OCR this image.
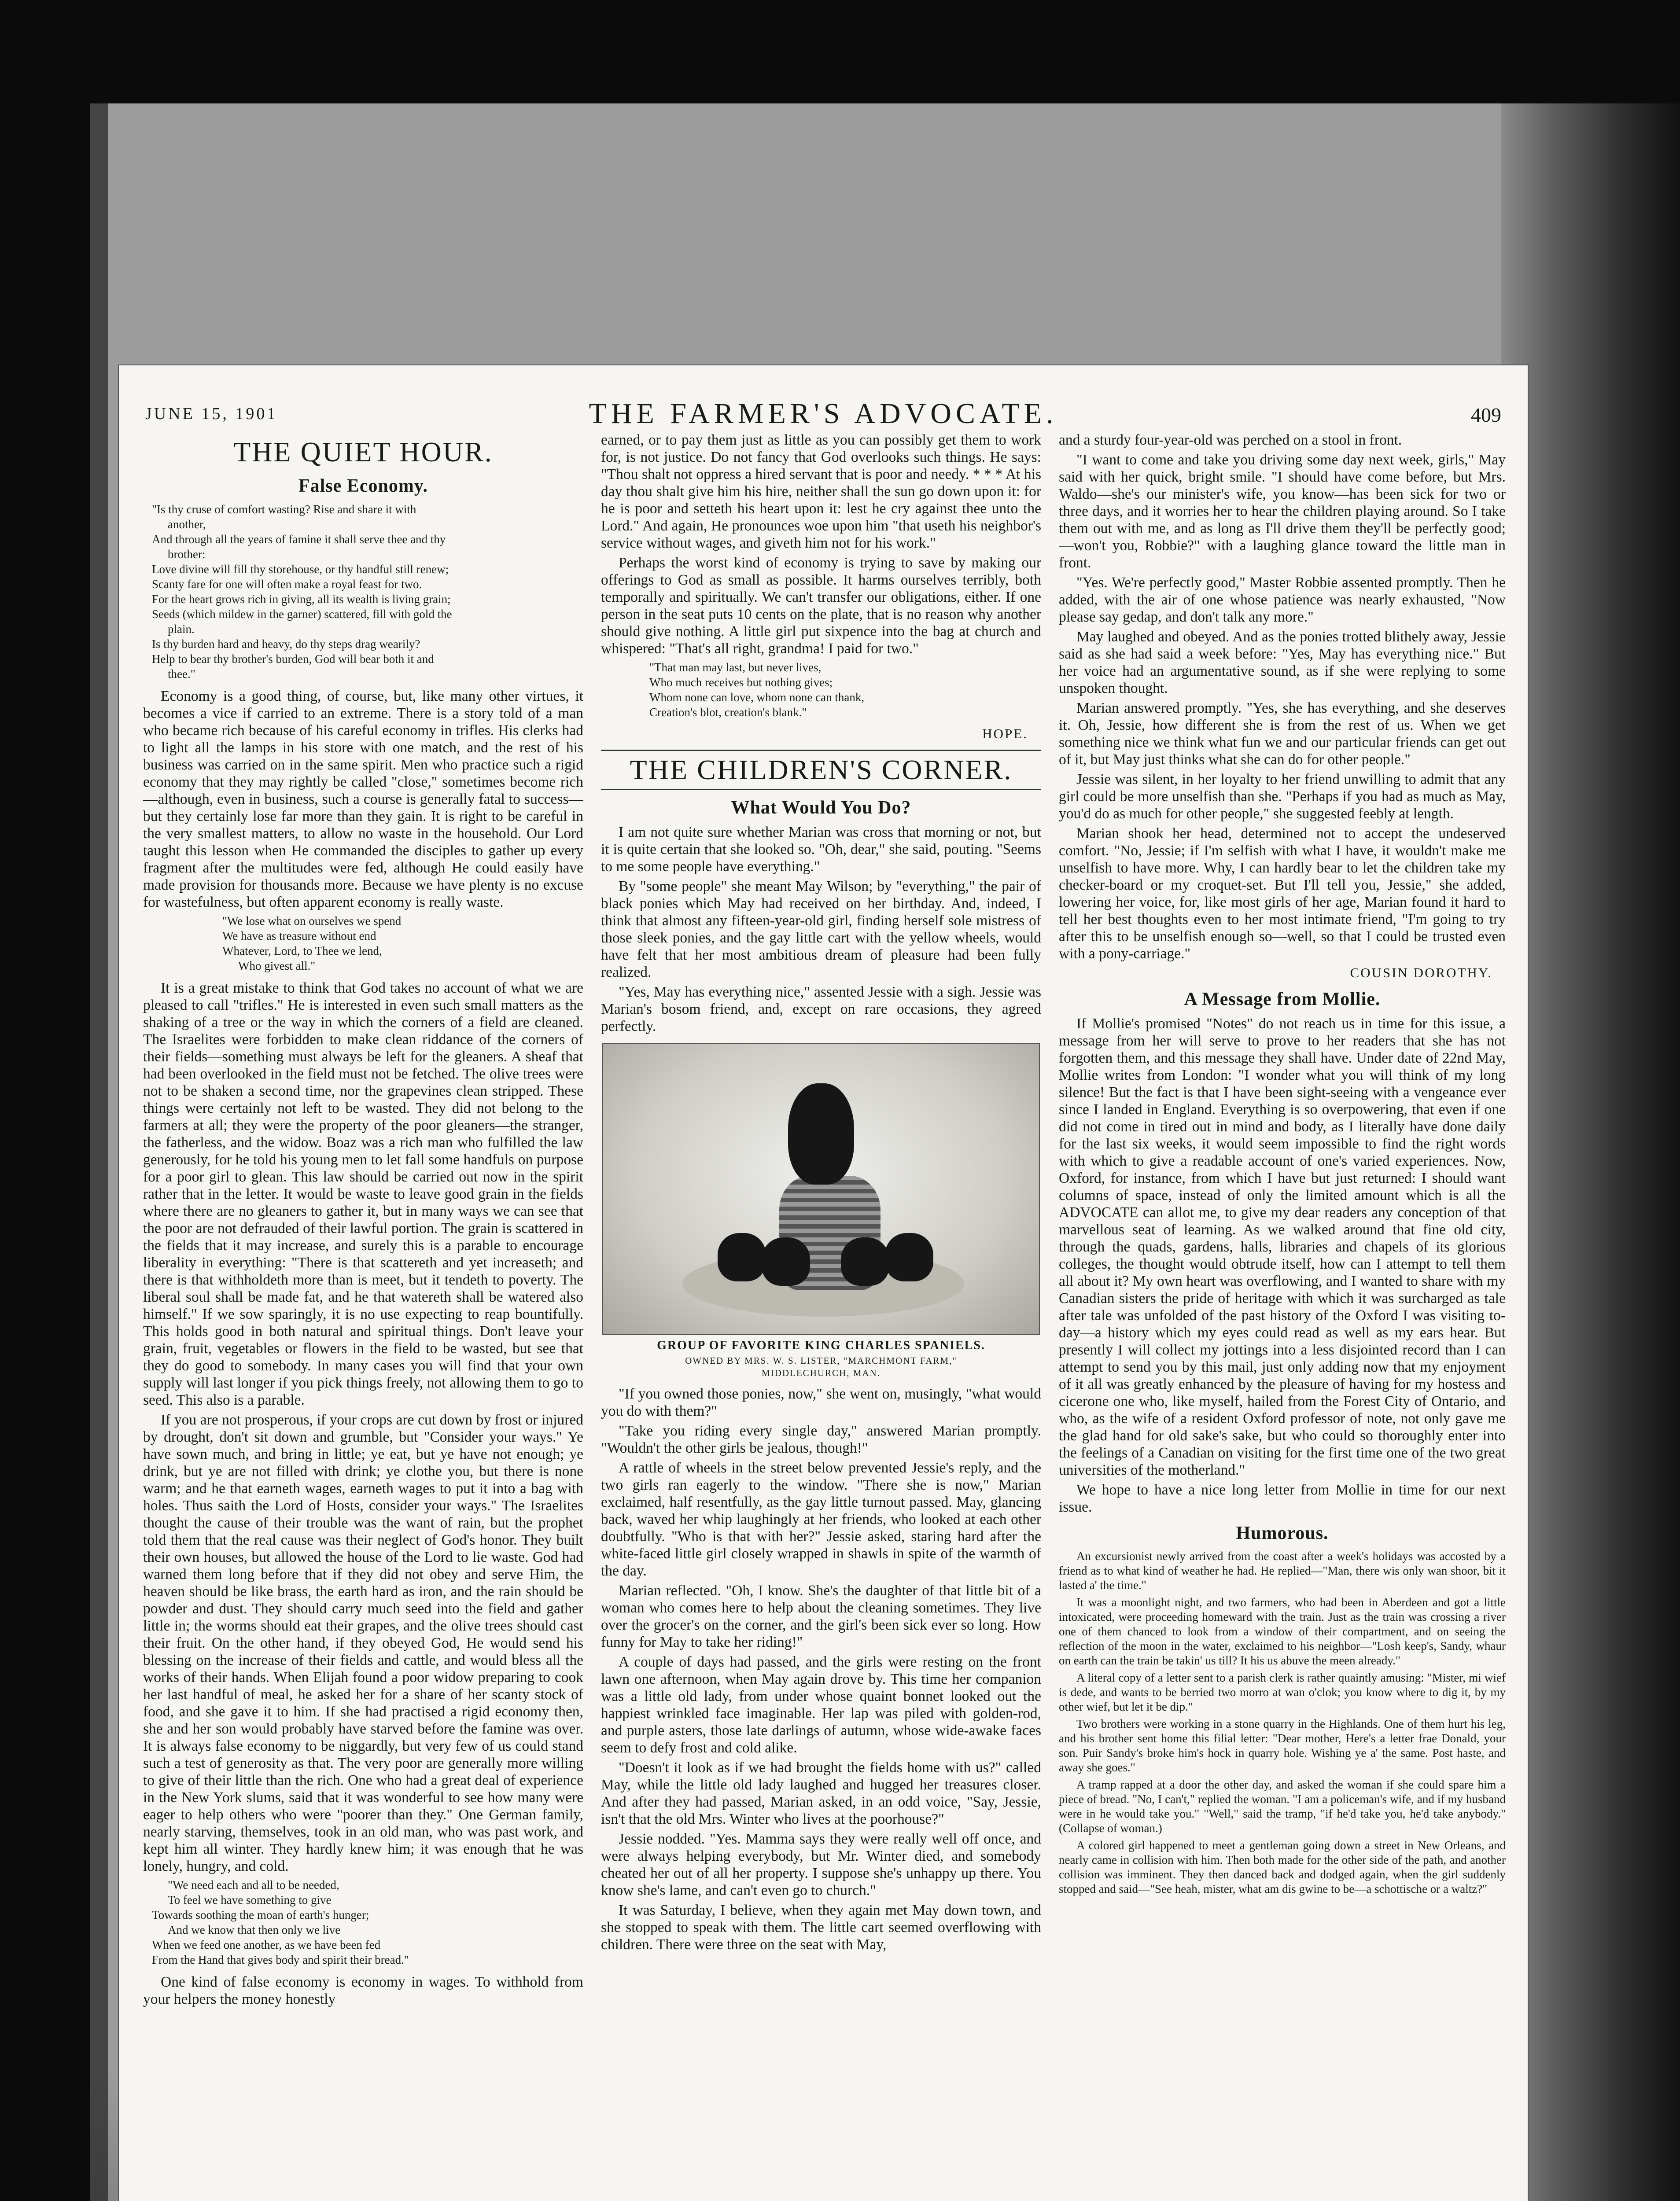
JUNE 15, 1901	THE FARMER'S ADVOCATE.	409
THE QUIET HOUR.
False Economy.
"Is thy cruse of comfort wasting? Rise and share it with
another,
And through all the years of famine it shall serve thee and thy
brother:
Love divine will fill thy storehouse, or thy handful still renew;
Scanty fare for one will often make a royal feast for two.
For the heart grows rich in giving, all its wealth is living grain;
Seeds (which mildew in the garner) scattered, fill with gold the
plain.
Is thy burden hard and heavy, do thy steps drag wearily?
Help to bear thy brother's burden, God will bear both it and
thee."

Economy is a good thing, of course, but, like many other virtues, it becomes a vice if carried to an extreme. There is a story told of a man who became rich because of his careful economy in trifles. His clerks had to light all the lamps in his store with one match, and the rest of his business was carried on in the same spirit. Men who practice such a rigid economy that they may rightly be called "close," sometimes become rich—although, even in business, such a course is generally fatal to success—but they certainly lose far more than they gain. It is right to be careful in the very smallest matters, to allow no waste in the household. Our Lord taught this lesson when He commanded the disciples to gather up every fragment after the multitudes were fed, although He could easily have made provision for thousands more. Because we have plenty is no excuse for wastefulness, but often apparent economy is really waste.

"We lose what on ourselves we spend
We have as treasure without end
Whatever, Lord, to Thee we lend,
Who givest all."

It is a great mistake to think that God takes no account of what we are pleased to call "trifles." He is interested in even such small matters as the shaking of a tree or the way in which the corners of a field are cleaned. The Israelites were forbidden to make clean riddance of the corners of their fields—something must always be left for the gleaners. A sheaf that had been overlooked in the field must not be fetched. The olive trees were not to be shaken a second time, nor the grapevines clean stripped. These things were certainly not left to be wasted. They did not belong to the farmers at all; they were the property of the poor gleaners—the stranger, the fatherless, and the widow. Boaz was a rich man who fulfilled the law generously, for he told his young men to let fall some handfuls on purpose for a poor girl to glean. This law should be carried out now in the spirit rather that in the letter. It would be waste to leave good grain in the fields where there are no gleaners to gather it, but in many ways we can see that the poor are not defrauded of their lawful portion. The grain is scattered in the fields that it may increase, and surely this is a parable to encourage liberality in everything: "There is that scattereth and yet increaseth; and there is that withholdeth more than is meet, but it tendeth to poverty. The liberal soul shall be made fat, and he that watereth shall be watered also himself." If we sow sparingly, it is no use expecting to reap bountifully. This holds good in both natural and spiritual things. Don't leave your grain, fruit, vegetables or flowers in the field to be wasted, but see that they do good to somebody. In many cases you will find that your own supply will last longer if you pick things freely, not allowing them to go to seed. This also is a parable.

If you are not prosperous, if your crops are cut down by frost or injured by drought, don't sit down and grumble, but "Consider your ways." Ye have sown much, and bring in little; ye eat, but ye have not enough; ye drink, but ye are not filled with drink; ye clothe you, but there is none warm; and he that earneth wages, earneth wages to put it into a bag with holes. Thus saith the Lord of Hosts, consider your ways." The Israelites thought the cause of their trouble was the want of rain, but the prophet told them that the real cause was their neglect of God's honor. They built their own houses, but allowed the house of the Lord to lie waste. God had warned them long before that if they did not obey and serve Him, the heaven should be like brass, the earth hard as iron, and the rain should be powder and dust. They should carry much seed into the field and gather little in; the worms should eat their grapes, and the olive trees should cast their fruit. On the other hand, if they obeyed God, He would send his blessing on the increase of their fields and cattle, and would bless all the works of their hands. When Elijah found a poor widow preparing to cook her last handful of meal, he asked her for a share of her scanty stock of food, and she gave it to him. If she had practised a rigid economy then, she and her son would probably have starved before the famine was over. It is always false economy to be niggardly, but very few of us could stand such a test of generosity as that. The very poor are generally more willing to give of their little than the rich. One who had a great deal of experience in the New York slums, said that it was wonderful to see how many were eager to help others who were "poorer than they." One German family, nearly starving, themselves, took in an old man, who was past work, and kept him all winter. They hardly knew him; it was enough that he was lonely, hungry, and cold.

"We need each and all to be needed,
To feel we have something to give
Towards soothing the moan of earth's hunger;
And we know that then only we live
When we feed one another, as we have been fed
From the Hand that gives body and spirit their bread."

One kind of false economy is economy in wages. To withhold from your helpers the money honestly

earned, or to pay them just as little as you can possibly get them to work for, is not justice. Do not fancy that God overlooks such things. He says: "Thou shalt not oppress a hired servant that is poor and needy. * * * At his day thou shalt give him his hire, neither shall the sun go down upon it: for he is poor and setteth his heart upon it: lest he cry against thee unto the Lord." And again, He pronounces woe upon him "that useth his neighbor's service without wages, and giveth him not for his work."

Perhaps the worst kind of economy is trying to save by making our offerings to God as small as possible. It harms ourselves terribly, both temporally and spiritually. We can't transfer our obligations, either. If one person in the seat puts 10 cents on the plate, that is no reason why another should give nothing. A little girl put sixpence into the bag at church and whispered: "That's all right, grandma! I paid for two."

"That man may last, but never lives,
Who much receives but nothing gives;
Whom none can love, whom none can thank,
Creation's blot, creation's blank."
HOPE.
THE CHILDREN'S CORNER.
What Would You Do?

I am not quite sure whether Marian was cross that morning or not, but it is quite certain that she looked so. "Oh, dear," she said, pouting. "Seems to me some people have everything."

By "some people" she meant May Wilson; by "everything," the pair of black ponies which May had received on her birthday. And, indeed, I think that almost any fifteen-year-old girl, finding herself sole mistress of those sleek ponies, and the gay little cart with the yellow wheels, would have felt that her most ambitious dream of pleasure had been fully realized.

"Yes, May has everything nice," assented Jessie with a sigh. Jessie was Marian's bosom friend, and, except on rare occasions, they agreed perfectly.

GROUP OF FAVORITE KING CHARLES SPANIELS.
OWNED BY MRS. W. S. LISTER, "MARCHMONT FARM,"
MIDDLECHURCH, MAN.

"If you owned those ponies, now," she went on, musingly, "what would you do with them?"

"Take you riding every single day," answered Marian promptly. "Wouldn't the other girls be jealous, though!"

A rattle of wheels in the street below prevented Jessie's reply, and the two girls ran eagerly to the window. "There she is now," Marian exclaimed, half resentfully, as the gay little turnout passed. May, glancing back, waved her whip laughingly at her friends, who looked at each other doubtfully. "Who is that with her?" Jessie asked, staring hard after the white-faced little girl closely wrapped in shawls in spite of the warmth of the day.

Marian reflected. "Oh, I know. She's the daughter of that little bit of a woman who comes here to help about the cleaning sometimes. They live over the grocer's on the corner, and the girl's been sick ever so long. How funny for May to take her riding!"

A couple of days had passed, and the girls were resting on the front lawn one afternoon, when May again drove by. This time her companion was a little old lady, from under whose quaint bonnet looked out the happiest wrinkled face imaginable. Her lap was piled with golden-rod, and purple asters, those late darlings of autumn, whose wide-awake faces seem to defy frost and cold alike.

"Doesn't it look as if we had brought the fields home with us?" called May, while the little old lady laughed and hugged her treasures closer. And after they had passed, Marian asked, in an odd voice, "Say, Jessie, isn't that the old Mrs. Winter who lives at the poorhouse?"

Jessie nodded. "Yes. Mamma says they were really well off once, and were always helping everybody, but Mr. Winter died, and somebody cheated her out of all her property. I suppose she's unhappy up there. You know she's lame, and can't even go to church."

It was Saturday, I believe, when they again met May down town, and she stopped to speak with them. The little cart seemed overflowing with children. There were three on the seat with May,

and a sturdy four-year-old was perched on a stool in front.

"I want to come and take you driving some day next week, girls," May said with her quick, bright smile. "I should have come before, but Mrs. Waldo—she's our minister's wife, you know—has been sick for two or three days, and it worries her to hear the children playing around. So I take them out with me, and as long as I'll drive them they'll be perfectly good; —won't you, Robbie?" with a laughing glance toward the little man in front.

"Yes. We're perfectly good," Master Robbie assented promptly. Then he added, with the air of one whose patience was nearly exhausted, "Now please say gedap, and don't talk any more."

May laughed and obeyed. And as the ponies trotted blithely away, Jessie said as she had said a week before: "Yes, May has everything nice." But her voice had an argumentative sound, as if she were replying to some unspoken thought.

Marian answered promptly. "Yes, she has everything, and she deserves it. Oh, Jessie, how different she is from the rest of us. When we get something nice we think what fun we and our particular friends can get out of it, but May just thinks what she can do for other people."

Jessie was silent, in her loyalty to her friend unwilling to admit that any girl could be more unselfish than she. "Perhaps if you had as much as May, you'd do as much for other people," she suggested feebly at length.

Marian shook her head, determined not to accept the undeserved comfort. "No, Jessie; if I'm selfish with what I have, it wouldn't make me unselfish to have more. Why, I can hardly bear to let the children take my checker-board or my croquet-set. But I'll tell you, Jessie," she added, lowering her voice, for, like most girls of her age, Marian found it hard to tell her best thoughts even to her most intimate friend, "I'm going to try after this to be unselfish enough so—well, so that I could be trusted even with a pony-carriage."

COUSIN DOROTHY.
A Message from Mollie.

If Mollie's promised "Notes" do not reach us in time for this issue, a message from her will serve to prove to her readers that she has not forgotten them, and this message they shall have. Under date of 22nd May, Mollie writes from London: "I wonder what you will think of my long silence! But the fact is that I have been sight-seeing with a vengeance ever since I landed in England. Everything is so overpowering, that even if one did not come in tired out in mind and body, as I literally have done daily for the last six weeks, it would seem impossible to find the right words with which to give a readable account of one's varied experiences. Now, Oxford, for instance, from which I have but just returned: I should want columns of space, instead of only the limited amount which is all the ADVOCATE can allot me, to give my dear readers any conception of that marvellous seat of learning. As we walked around that fine old city, through the quads, gardens, halls, libraries and chapels of its glorious colleges, the thought would obtrude itself, how can I attempt to tell them all about it? My own heart was overflowing, and I wanted to share with my Canadian sisters the pride of heritage with which it was surcharged as tale after tale was unfolded of the past history of the Oxford I was visiting to-day—a history which my eyes could read as well as my ears hear. But presently I will collect my jottings into a less disjointed record than I can attempt to send you by this mail, just only adding now that my enjoyment of it all was greatly enhanced by the pleasure of having for my hostess and cicerone one who, like myself, hailed from the Forest City of Ontario, and who, as the wife of a resident Oxford professor of note, not only gave me the glad hand for old sake's sake, but who could so thoroughly enter into the feelings of a Canadian on visiting for the first time one of the two great universities of the motherland."

We hope to have a nice long letter from Mollie in time for our next issue.

Humorous.

An excursionist newly arrived from the coast after a week's holidays was accosted by a friend as to what kind of weather he had. He replied—"Man, there wis only wan shoor, bit it lasted a' the time."

It was a moonlight night, and two farmers, who had been in Aberdeen and got a little intoxicated, were proceeding homeward with the train. Just as the train was crossing a river one of them chanced to look from a window of their compartment, and on seeing the reflection of the moon in the water, exclaimed to his neighbor—"Losh keep's, Sandy, whaur on earth can the train be takin' us till? It his us abuve the meen already."

A literal copy of a letter sent to a parish clerk is rather quaintly amusing: "Mister, mi wief is dede, and wants to be berried two morro at wan o'clok; you know where to dig it, by my other wief, but let it be dip."

Two brothers were working in a stone quarry in the Highlands. One of them hurt his leg, and his brother sent home this filial letter: "Dear mother, Here's a letter frae Donald, your son. Puir Sandy's broke him's hock in quarry hole. Wishing ye a' the same. Post haste, and away she goes."

A tramp rapped at a door the other day, and asked the woman if she could spare him a piece of bread. "No, I can't," replied the woman. "I am a policeman's wife, and if my husband were in he would take you." "Well," said the tramp, "if he'd take you, he'd take anybody." (Collapse of woman.)

A colored girl happened to meet a gentleman going down a street in New Orleans, and nearly came in collision with him. Then both made for the other side of the path, and another collision was imminent. They then danced back and dodged again, when the girl suddenly stopped and said—"See heah, mister, what am dis gwine to be—a schottische or a waltz?"
